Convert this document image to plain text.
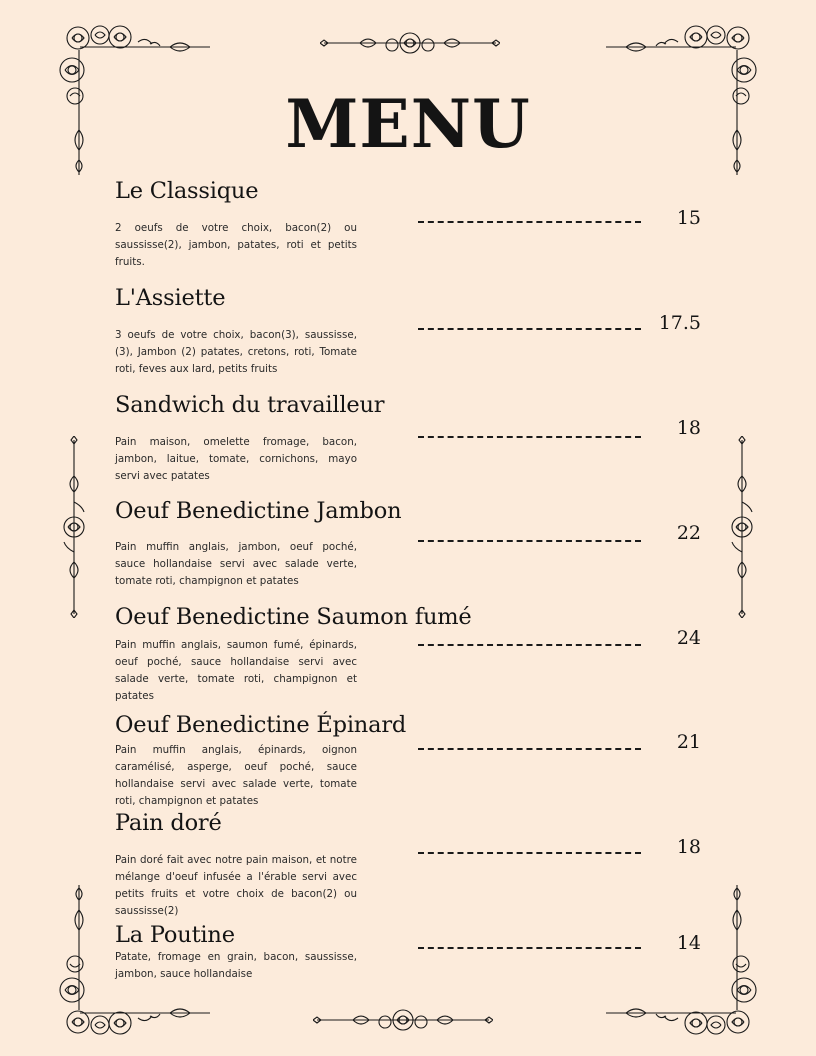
MENU
Le Classique
2 oeufs de votre choix, bacon(2) ou saussisse(2), jambon, patates, roti et petits fruits.
15
L'Assiette
3 oeufs de votre choix, bacon(3), saussisse, (3), Jambon (2) patates, cretons, roti, Tomate roti, feves aux lard, petits fruits
17.5
Sandwich du travailleur
Pain maison, omelette fromage, bacon, jambon, laitue, tomate, cornichons, mayo servi avec patates
18
Oeuf Benedictine Jambon
Pain muffin anglais, jambon, oeuf poché, sauce hollandaise servi avec salade verte, tomate roti, champignon et patates
22
Oeuf Benedictine Saumon fumé
Pain muffin anglais, saumon fumé, épinards, oeuf poché, sauce hollandaise servi avec salade verte, tomate roti, champignon et patates
24
Oeuf Benedictine Épinard
Pain muffin anglais, épinards, oignon caramélisé, asperge, oeuf poché, sauce hollandaise servi avec salade verte, tomate roti, champignon et patates
21
Pain doré
Pain doré fait avec notre pain maison, et notre mélange d'oeuf infusée a l'érable servi avec petits fruits et votre choix de bacon(2) ou saussisse(2)
18
La Poutine
Patate, fromage en grain, bacon, saussisse, jambon, sauce hollandaise
14
